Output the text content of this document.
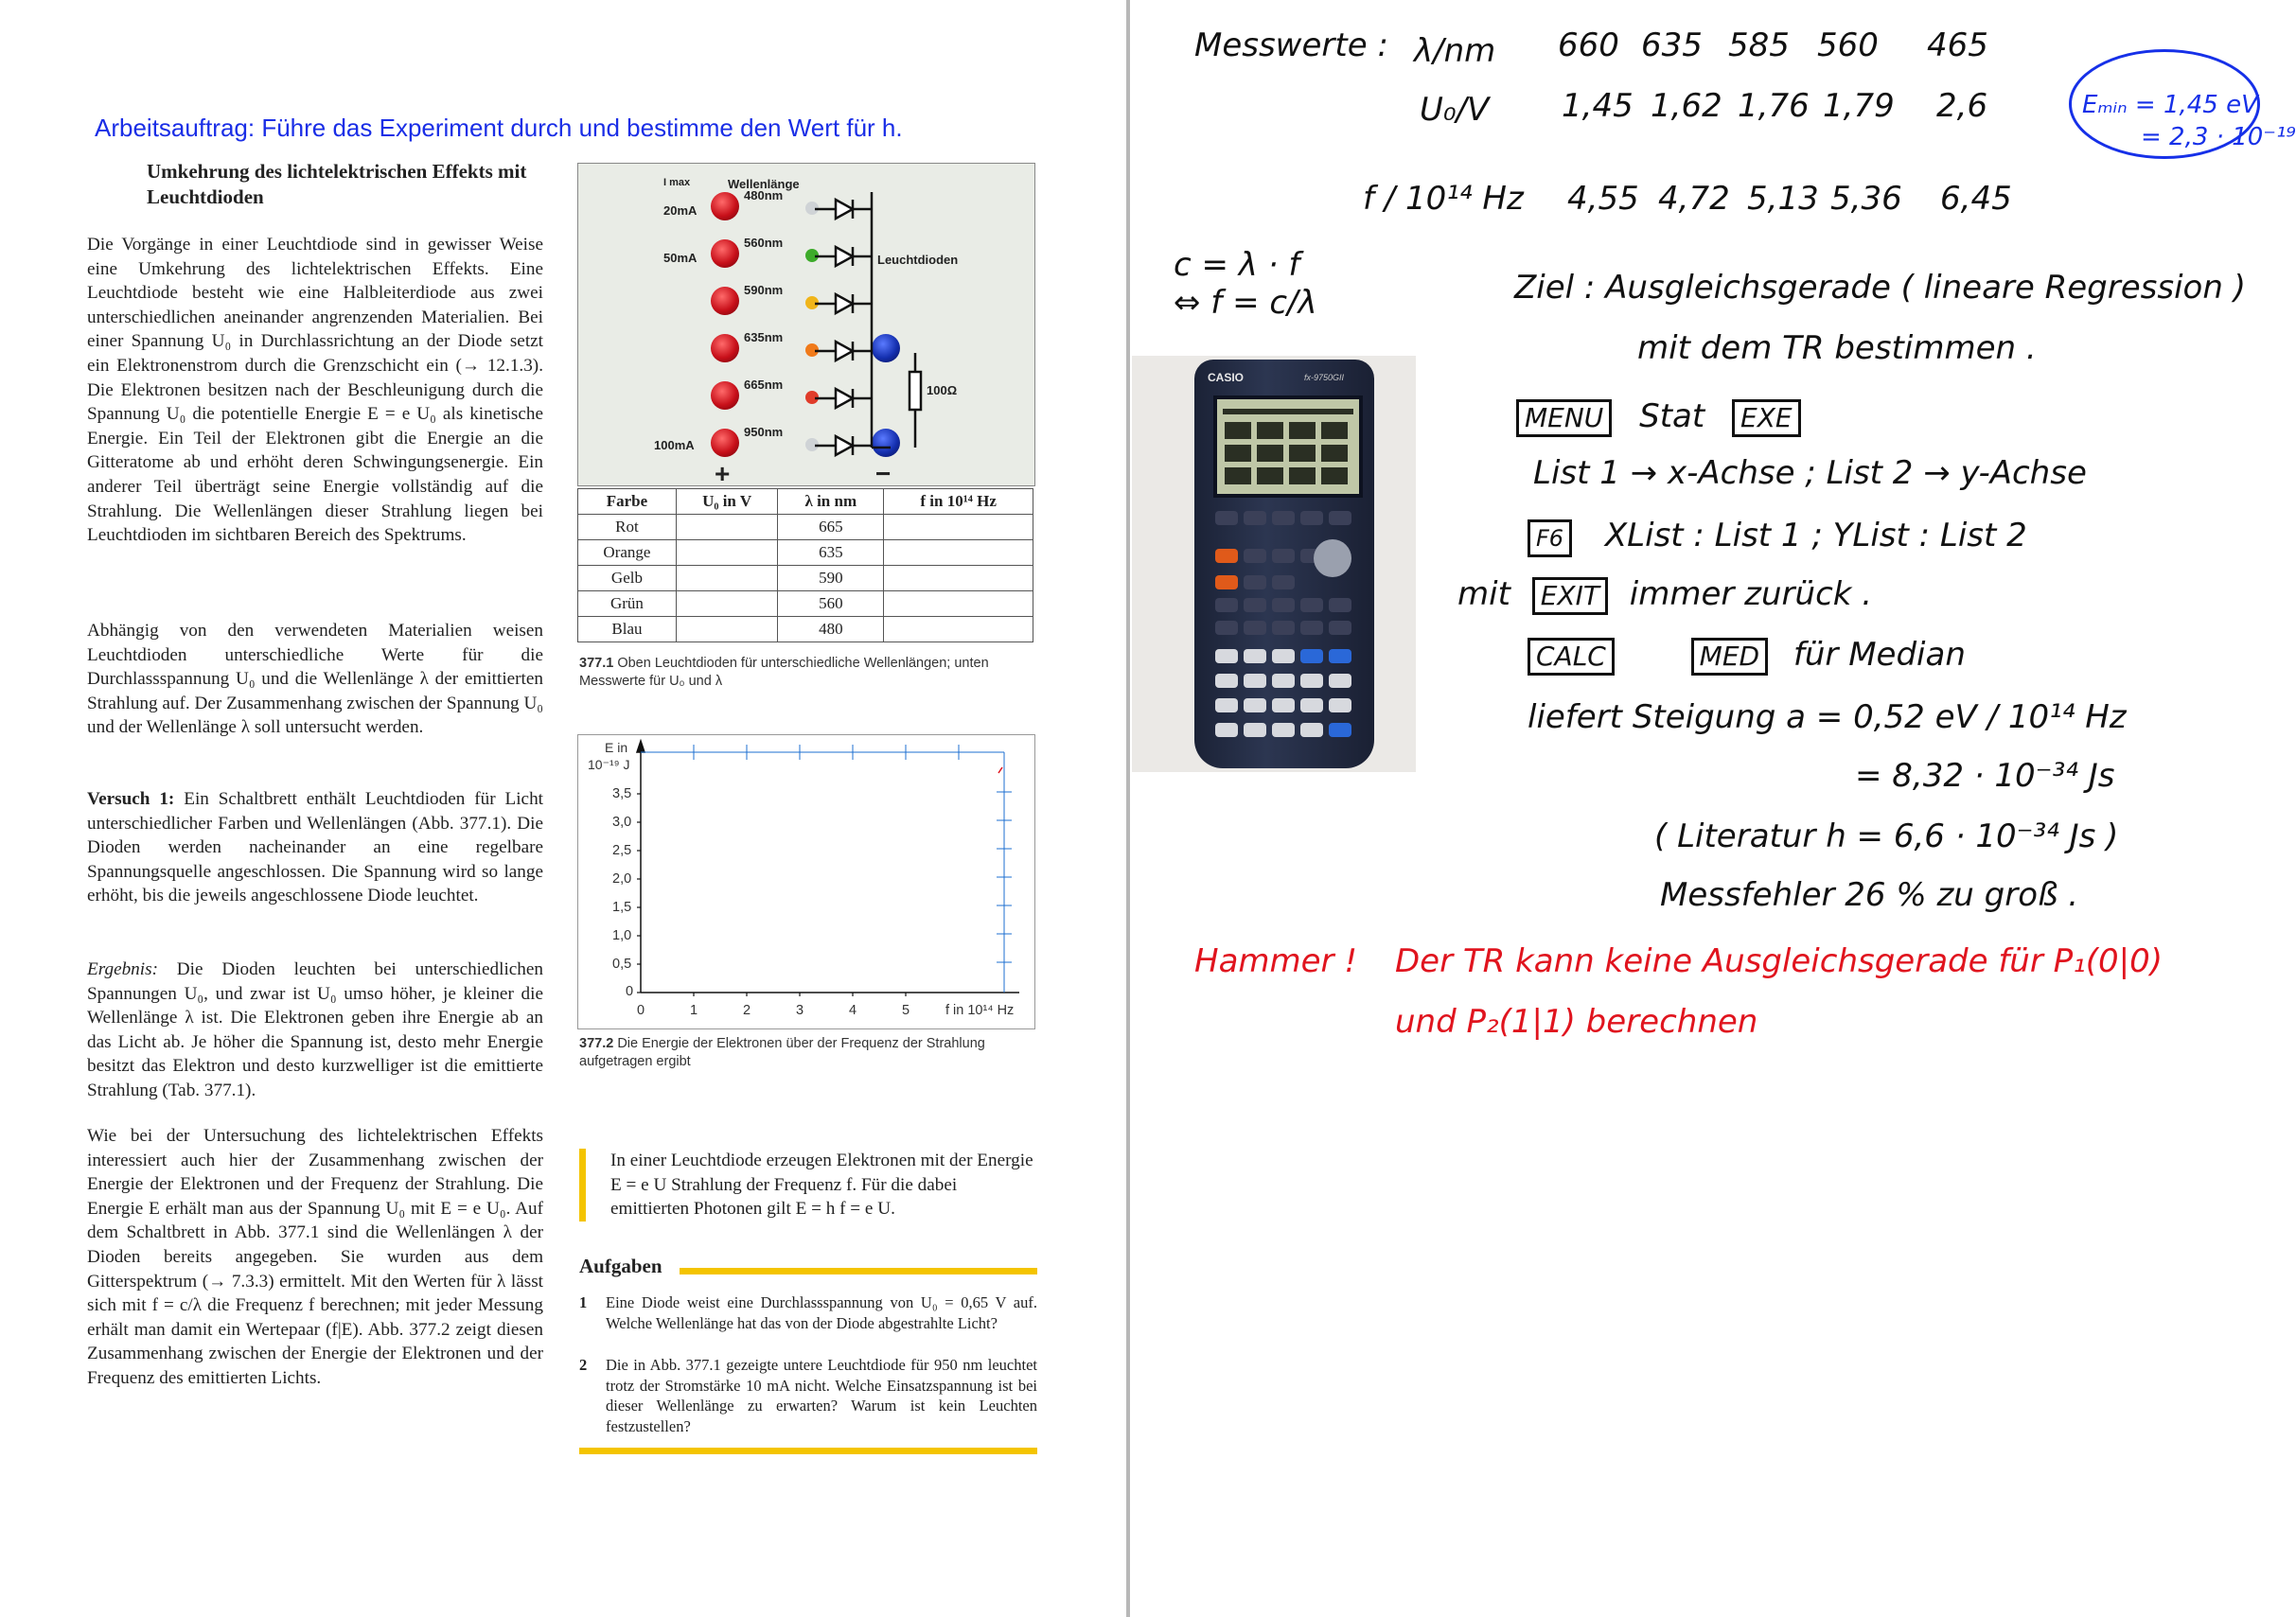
Arbeitsauftrag: Führe das Experiment durch und bestimme den Wert für h.
Umkehrung des lichtelektrischen Effekts mit Leuchtdioden
Die Vorgänge in einer Leuchtdiode sind in gewisser Weise eine Umkehrung des lichtelektrischen Effekts. Eine Leuchtdiode besteht wie eine Halbleiterdiode aus zwei unterschiedlichen aneinander angrenzenden Materialien. Bei einer Spannung U₀ in Durchlassrichtung an der Diode setzt ein Elektronenstrom durch die Grenzschicht ein (→ 12.1.3). Die Elektronen besitzen nach der Beschleunigung durch die Spannung U₀ die potentielle Energie E = e U₀ als kinetische Energie. Ein Teil der Elektronen gibt die Energie an die Gitteratome ab und erhöht deren Schwingungsenergie. Ein anderer Teil überträgt seine Energie vollständig auf die Strahlung. Die Wellenlängen dieser Strahlung liegen bei Leuchtdioden im sichtbaren Bereich des Spektrums.
Abhängig von den verwendeten Materialien weisen Leuchtdioden unterschiedliche Werte für die Durchlassspannung U₀ und die Wellenlänge λ der emittierten Strahlung auf. Der Zusammenhang zwischen der Spannung U₀ und der Wellenlänge λ soll untersucht werden.
Versuch 1: Ein Schaltbrett enthält Leuchtdioden für Licht unterschiedlicher Farben und Wellenlängen (Abb. 377.1). Die Dioden werden nacheinander an eine regelbare Spannungsquelle angeschlossen. Die Spannung wird so lange erhöht, bis die jeweils angeschlossene Diode leuchtet.
Ergebnis: Die Dioden leuchten bei unterschiedlichen Spannungen U₀, und zwar ist U₀ umso höher, je kleiner die Wellenlänge λ ist. Die Elektronen geben ihre Energie ab an das Licht ab. Je höher die Spannung ist, desto mehr Energie besitzt das Elektron und desto kurzwelliger ist die emittierte Strahlung (Tab. 377.1).
Wie bei der Untersuchung des lichtelektrischen Effekts interessiert auch hier der Zusammenhang zwischen der Energie der Elektronen und der Frequenz der Strahlung. Die Energie E erhält man aus der Spannung U₀ mit E = e U₀. Auf dem Schaltbrett in Abb. 377.1 sind die Wellenlängen λ der Dioden bereits angegeben. Sie wurden aus dem Gitterspektrum (→ 7.3.3) ermittelt. Mit den Werten für λ lässt sich mit f = c/λ die Frequenz f berechnen; mit jeder Messung erhält man damit ein Wertepaar (f|E). Abb. 377.2 zeigt diesen Zusammenhang zwischen der Energie der Elektronen und der Frequenz des emittierten Lichts.
I max	Wellenlänge
20mA
50mA
100mA
480nm
560nm
590nm
635nm
665nm
950nm
Leuchtdioden
100Ω
+	−
Farbe	U₀ in V	λ in nm	f in 10¹⁴ Hz
Rot		665	
Orange		635	
Gelb		590	
Grün		560	
Blau		480	
377.1 Oben Leuchtdioden für unterschiedliche Wellenlängen; unten Messwerte für U₀ und λ
E in
10⁻¹⁹ J
3,5
3,0
2,5
2,0
1,5
1,0
0,5
0
0	1	2	3	4	5	f in 10¹⁴ Hz
377.2 Die Energie der Elektronen über der Frequenz der Strahlung aufgetragen ergibt
In einer Leuchtdiode erzeugen Elektronen mit der Energie E = e U Strahlung der Frequenz f. Für die dabei emittierten Photonen gilt E = h f = e U.
Aufgaben
1 Eine Diode weist eine Durchlassspannung von U₀ = 0,65 V auf. Welche Wellenlänge hat das von der Diode abgestrahlte Licht?
2 Die in Abb. 377.1 gezeigte untere Leuchtdiode für 950 nm leuchtet trotz der Stromstärke 10 mA nicht. Welche Einsatzspannung ist bei dieser Wellenlänge zu erwarten? Warum ist kein Leuchten festzustellen?
Messwerte : λ/nm 660 635 585 560 465
U₀/V 1,45 1,62 1,76 1,79 2,6	Eₘᵢₙ = 1,45 eV
= 2,3 · 10⁻¹⁹
f / 10¹⁴ Hz 4,55 4,72 5,13 5,36 6,45
c = λ · f
⇔ f = c/λ	Ziel : Ausgleichsgerade ( lineare Regression )
mit dem TR bestimmen .
MENU Stat EXE
List 1 → x-Achse ; List 2 → y-Achse
F6 XList : List 1 ; YList : List 2
mit EXIT immer zurück .
CALC	MED für Median
liefert Steigung a = 0,52 eV / 10¹⁴ Hz
= 8,32 · 10⁻³⁴ Js
( Literatur h = 6,6 · 10⁻³⁴ Js )
Messfehler 26 % zu groß .
Hammer ! Der TR kann keine Ausgleichsgerade für P₁(0|0)
und P₂(1|1) berechnen
CASIO	fx-9750GII
